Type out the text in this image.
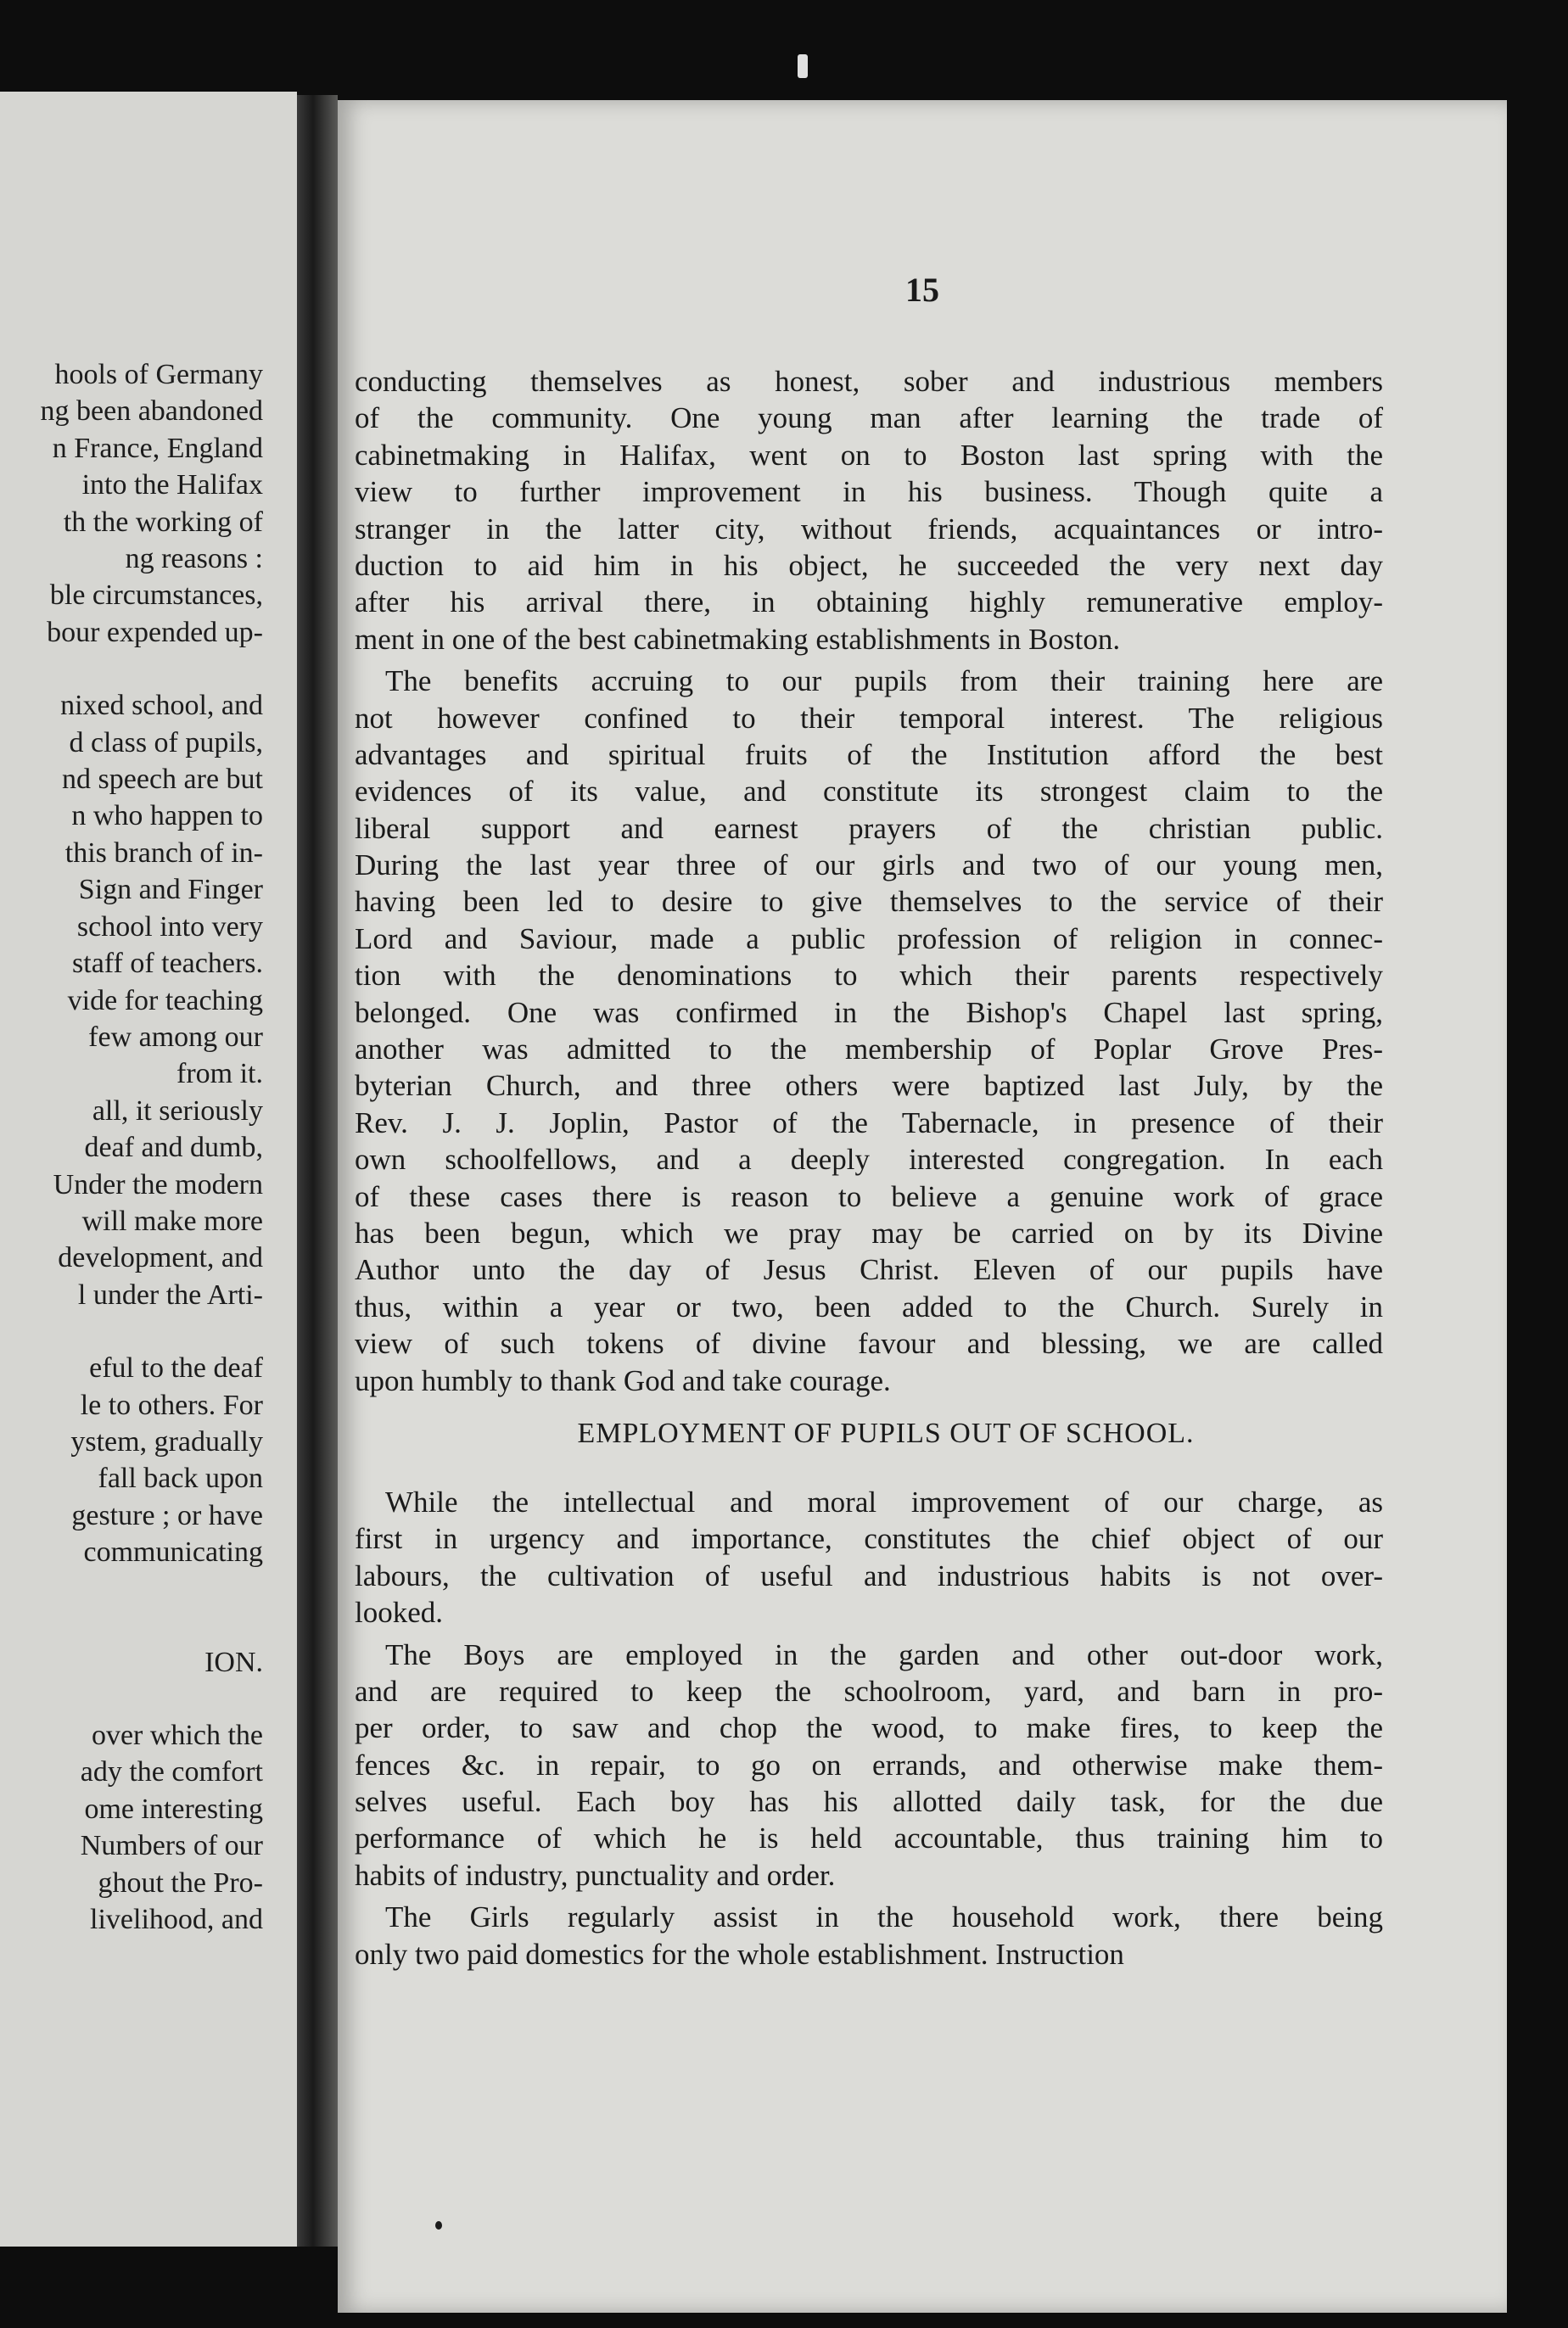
hools of Germany
ng been abandoned
n France, England
into the Halifax
th the working of
ng reasons :
ble circumstances,
bour expended up-
nixed school, and
d class of pupils,
nd speech are but
n who happen to
this branch of in-
Sign and Finger
school into very
staff of teachers.
vide for teaching
few among our
from it.
all, it seriously
deaf and dumb,
Under the modern
will make more
development, and
l under the Arti-
eful to the deaf
le to others. For
ystem, gradually
fall back upon
gesture ; or have
communicating
ION.
over which the
ady the comfort
ome interesting
Numbers of our
ghout the Pro-
livelihood, and
15
conducting themselves as honest, sober and industrious members
of the community. One young man after learning the trade of
cabinetmaking in Halifax, went on to Boston last spring with the
view to further improvement in his business. Though quite a
stranger in the latter city, without friends, acquaintances or intro-
duction to aid him in his object, he succeeded the very next day
after his arrival there, in obtaining highly remunerative employ-
ment in one of the best cabinetmaking establishments in Boston.
The benefits accruing to our pupils from their training here are
not however confined to their temporal interest. The religious
advantages and spiritual fruits of the Institution afford the best
evidences of its value, and constitute its strongest claim to the
liberal support and earnest prayers of the christian public.
During the last year three of our girls and two of our young men,
having been led to desire to give themselves to the service of their
Lord and Saviour, made a public profession of religion in connec-
tion with the denominations to which their parents respectively
belonged. One was confirmed in the Bishop's Chapel last spring,
another was admitted to the membership of Poplar Grove Pres-
byterian Church, and three others were baptized last July, by the
Rev. J. J. Joplin, Pastor of the Tabernacle, in presence of their
own schoolfellows, and a deeply interested congregation. In each
of these cases there is reason to believe a genuine work of grace
has been begun, which we pray may be carried on by its Divine
Author unto the day of Jesus Christ. Eleven of our pupils have
thus, within a year or two, been added to the Church. Surely in
view of such tokens of divine favour and blessing, we are called
upon humbly to thank God and take courage.
EMPLOYMENT OF PUPILS OUT OF SCHOOL.
While the intellectual and moral improvement of our charge, as
first in urgency and importance, constitutes the chief object of our
labours, the cultivation of useful and industrious habits is not over-
looked.
The Boys are employed in the garden and other out-door work,
and are required to keep the schoolroom, yard, and barn in pro-
per order, to saw and chop the wood, to make fires, to keep the
fences &c. in repair, to go on errands, and otherwise make them-
selves useful. Each boy has his allotted daily task, for the due
performance of which he is held accountable, thus training him to
habits of industry, punctuality and order.
The Girls regularly assist in the household work, there being
only two paid domestics for the whole establishment. Instruction
